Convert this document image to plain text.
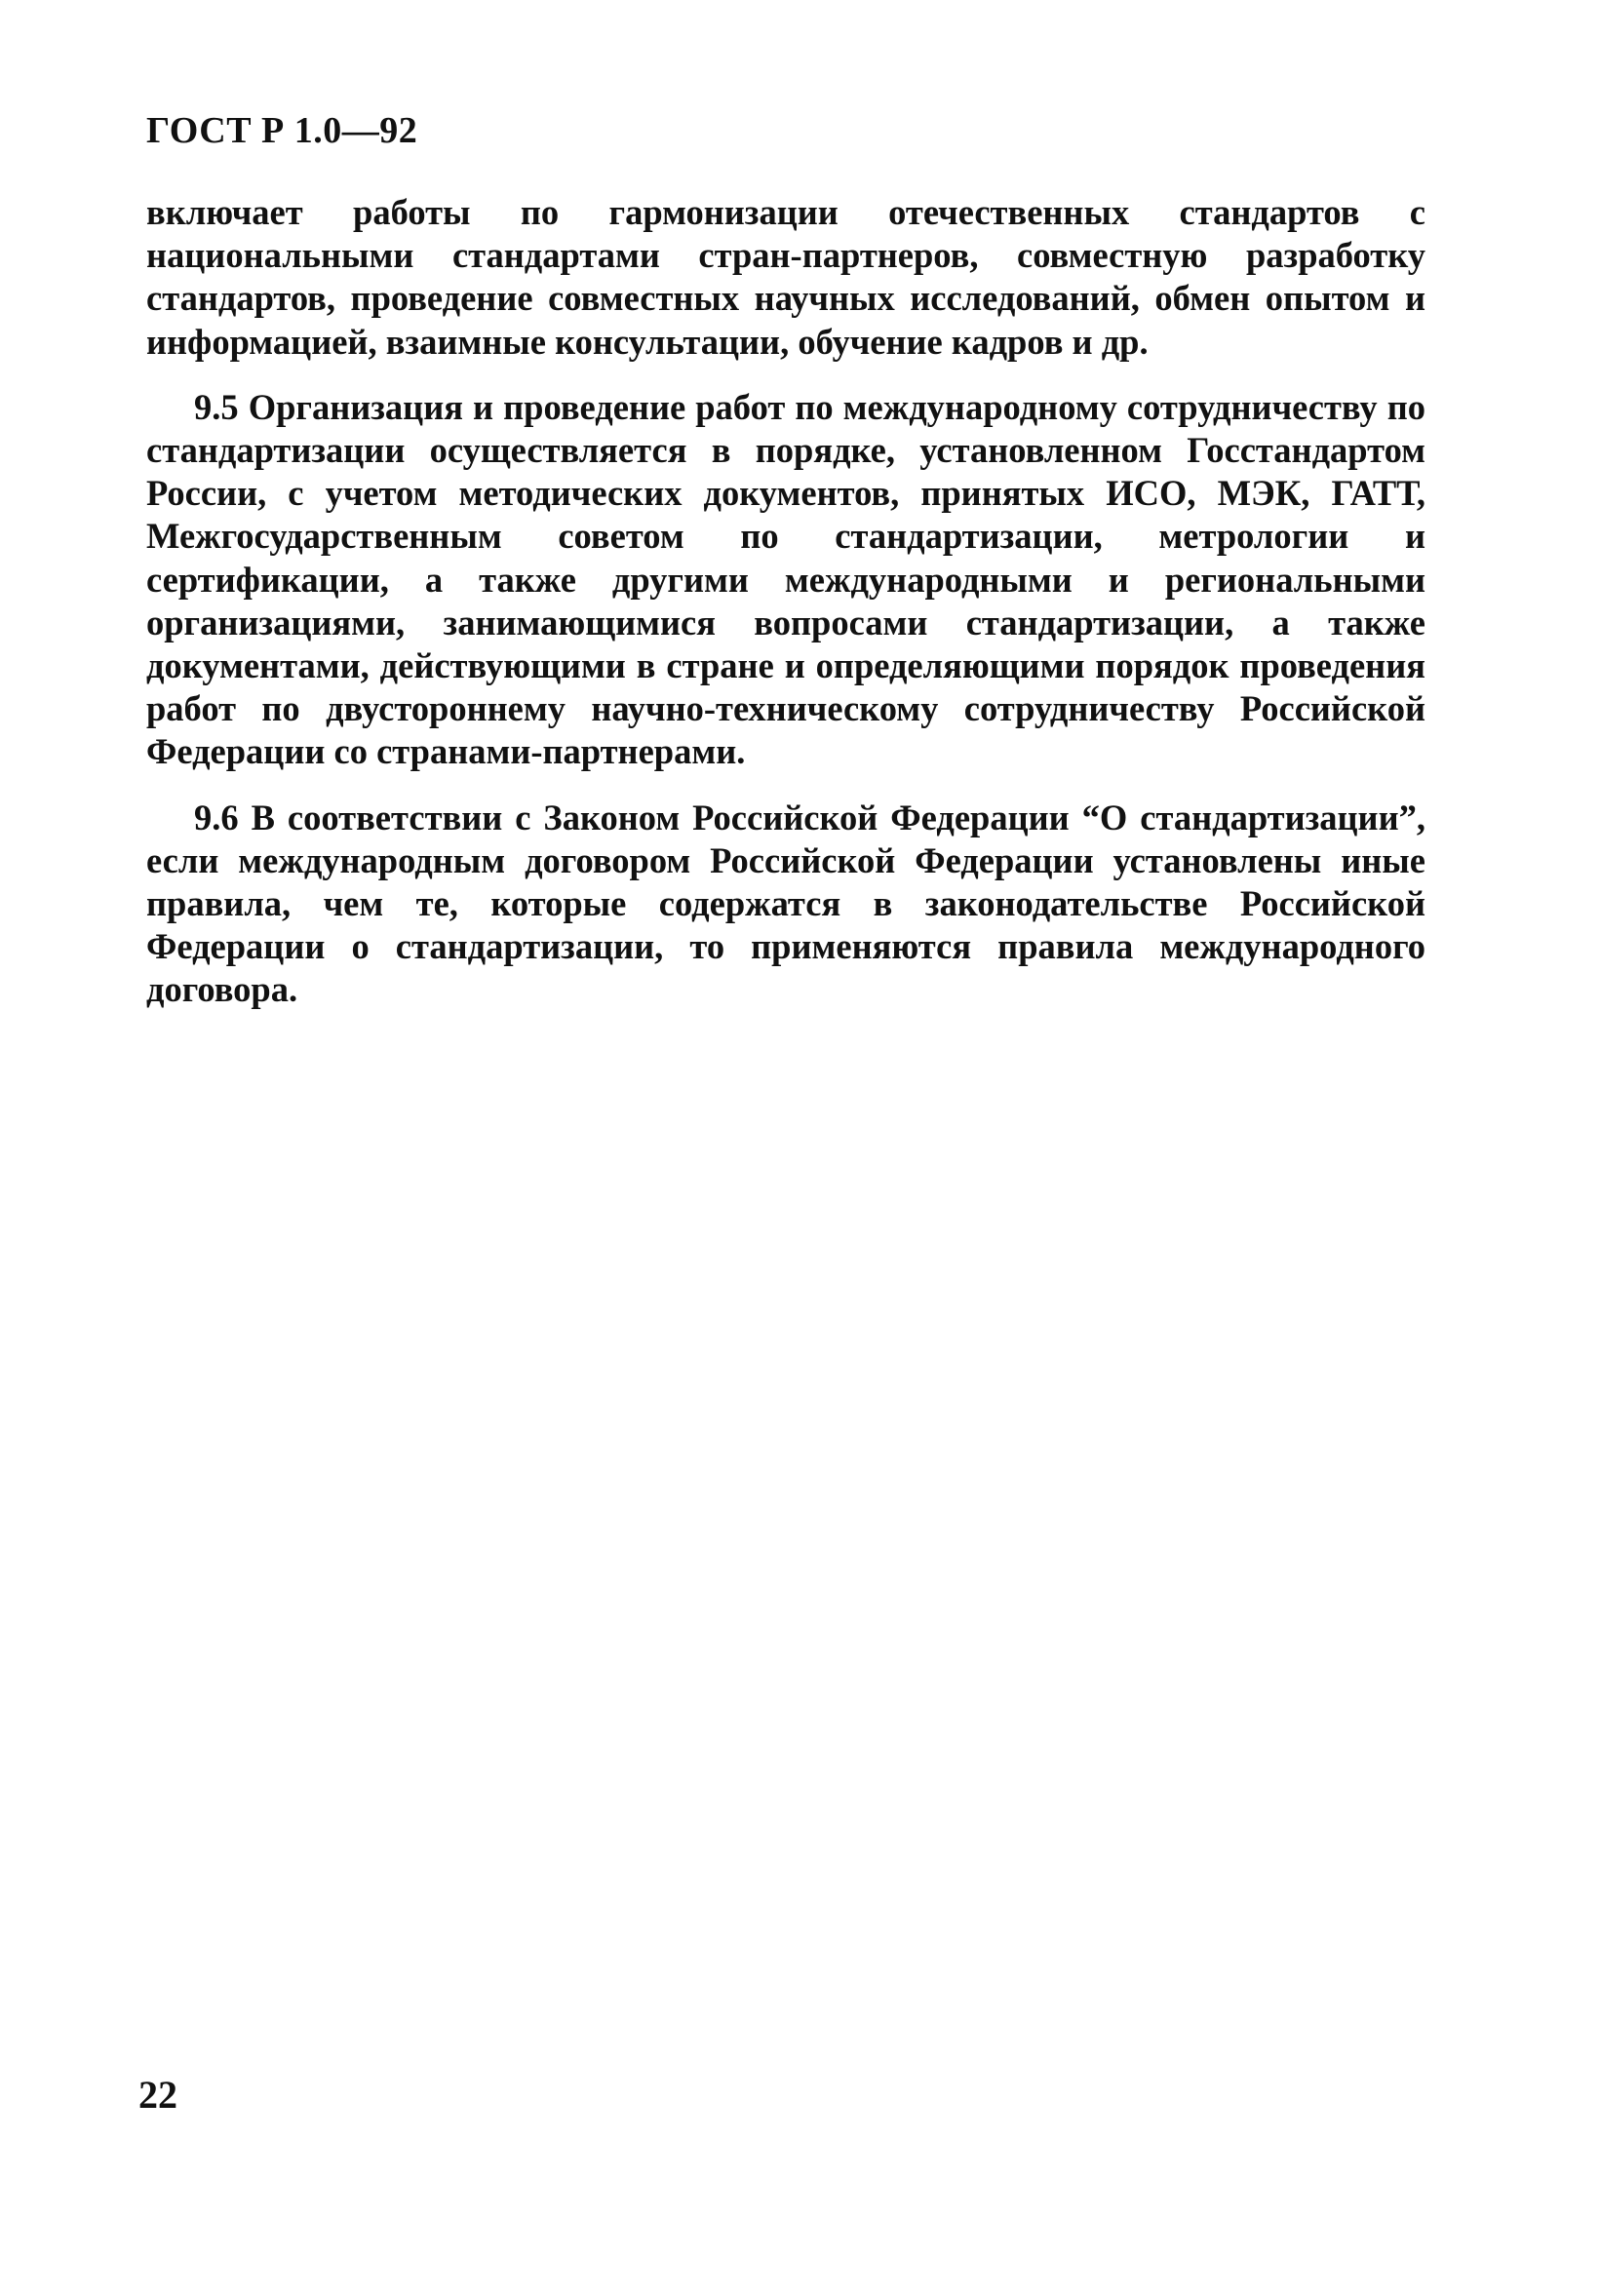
ГОСТ Р 1.0—92

включает работы по гармонизации отечественных стандартов с национальными стандартами стран-партнеров, совместную разработку стандартов, проведение совместных научных исследований, обмен опытом и информацией, взаимные консультации, обучение кадров и др.

9.5 Организация и проведение работ по международному сотрудничеству по стандартизации осуществляется в порядке, установленном Госстандартом России, с учетом методических документов, принятых ИСО, МЭК, ГАТТ, Межгосударственным советом по стандартизации, метрологии и сертификации, а также другими международными и региональными организациями, занимающимися вопросами стандартизации, а также документами, действующими в стране и определяющими порядок проведения работ по двустороннему научно-техническому сотрудничеству Российской Федерации со странами-партнерами.

9.6 В соответствии с Законом Российской Федерации “О стандартизации”, если международным договором Российской Федерации установлены иные правила, чем те, которые содержатся в законодательстве Российской Федерации о стандартизации, то применяются правила международного договора.

22
